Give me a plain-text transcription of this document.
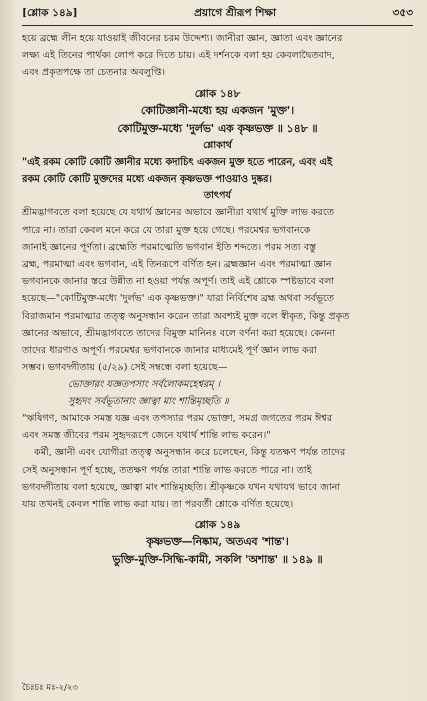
[শ্লোক ১৪৯]	প্রয়াগে শ্রীরূপ শিক্ষা	৩৫৩

হয়ে ব্রহ্মে লীন হয়ে যাওয়াই জীবনের চরম উদ্দেশ্য। জানীরা জ্ঞান, জ্ঞাতা এবং জ্ঞানের

লক্ষ্য এই তিনের পার্থক্য লোপ করে দিতে চায়। এই দর্শনকে বলা হয় কেবলাদ্বৈতবাদ,

এবং প্রকৃতপক্ষে তা চেতনার অবলুপ্তি।

শ্লোক ১৪৮
কোটিজ্ঞানী-মধ্যে হয় একজন 'মুক্ত'।
কোটিমুক্ত-মধ্যে 'দুর্লভ' এক কৃষ্ণভক্ত ॥ ১৪৮ ॥
শ্লোকার্থ

"এই রকম কোটি কোটি জ্ঞানীর মধ্যে কদাচিৎ একজন মুক্ত হতে পারেন, এবং এই

রকম কোটি কোটি মুক্তদের মধ্যে একজন কৃষ্ণভক্ত পাওয়াও দুষ্কর।

তাৎপর্য

শ্রীমদ্ভাগবতে বলা হয়েছে যে যথার্থ জ্ঞানের অভাবে জ্ঞানীরা যথার্থ মুক্তি লাভ করতে

পারে না। তারা কেবল মনে করে যে তারা মুক্ত হয়ে গেছে। পরমেশ্বর ভগবানকে

জানাই জ্ঞানের পূর্ণতা। ব্রহ্মেতি পরমাত্মেতি ভগবান ইতি শব্দতে। পরম সত্য বস্তু

ব্রহ্ম, পরমাত্মা এবং ভগবান, এই তিনরূপে বর্ণিত হন। ব্রহ্মজ্ঞান এবং পরমাত্মা জ্ঞান

ভগবানকে জানার স্তরে উন্নীত না হওয়া পর্যন্ত অপূর্ণ। তাই এই শ্লোকে স্পষ্টভাবে বলা

হয়েছে—"কোটিমুক্ত-মধ্যে 'দুর্লভ' এক কৃষ্ণভক্ত।" যারা নির্বিশেষ ব্রহ্ম অথবা সর্বভূতে

বিরাজমান পরমাত্মার তত্ত্ব অনুসন্ধান করেন তারা অবশ্যই মুক্ত বলে স্বীকৃত, কিন্তু প্রকৃত

জ্ঞানের অভাবে, শ্রীমদ্ভাগবতে তাদের বিমুক্ত মানিনঃ বলে বর্ণনা করা হয়েছে। কেননা

তাদের ধারণাও অপূর্ণ। পরমেশ্বর ভগবানকে জানার মাধ্যমেই পূর্ণ জ্ঞান লাভ করা

সম্ভব। ভগবদ্গীতায় (৫/২৯) সেই সম্বন্ধে বলা হয়েছে—

ভোক্তারং যজ্ঞতপসাং সর্বলোকমহেশ্বরম্‌ ।

সুহৃদং সর্বভূতানাং জ্ঞাত্বা মাং শান্তিমৃচ্ছতি ॥

"ঋষিগণ, আমাকে সমস্ত যজ্ঞ এবং তপস্যার পরম ভোক্তা, সমগ্র জগতের পরম ঈশ্বর

এবং সমস্ত জীবের পরম সুহৃদরূপে জেনে যথার্থ শান্তি লাভ করেন।"

কর্মী, জ্ঞানী এবং যোগীরা তত্ত্ব অনুসন্ধান করে চলেছেন, কিন্তু যতক্ষণ পর্যন্ত তাদের

সেই অনুসন্ধান পূর্ণ হচ্ছে, ততক্ষণ পর্যন্ত তারা শান্তি লাভ করতে পারে না। তাই

ভগবদ্গীতায় বলা হয়েছে, জ্ঞাত্বা মাং শান্তিমৃচ্ছতি। শ্রীকৃষ্ণকে যখন যথাযথ ভাবে জানা

যায় তখনই কেবল শান্তি লাভ করা যায়। তা পরবর্তী শ্লোকে বর্ণিত হয়েছে।

শ্লোক ১৪৯
কৃষ্ণভক্ত—নিষ্কাম, অতএব 'শান্ত'।
ভুক্তি-মুক্তি-সিদ্ধি-কামী, সকলি 'অশান্ত' ॥ ১৪৯ ॥
চৈঃচঃ মঃ-২/২৩
